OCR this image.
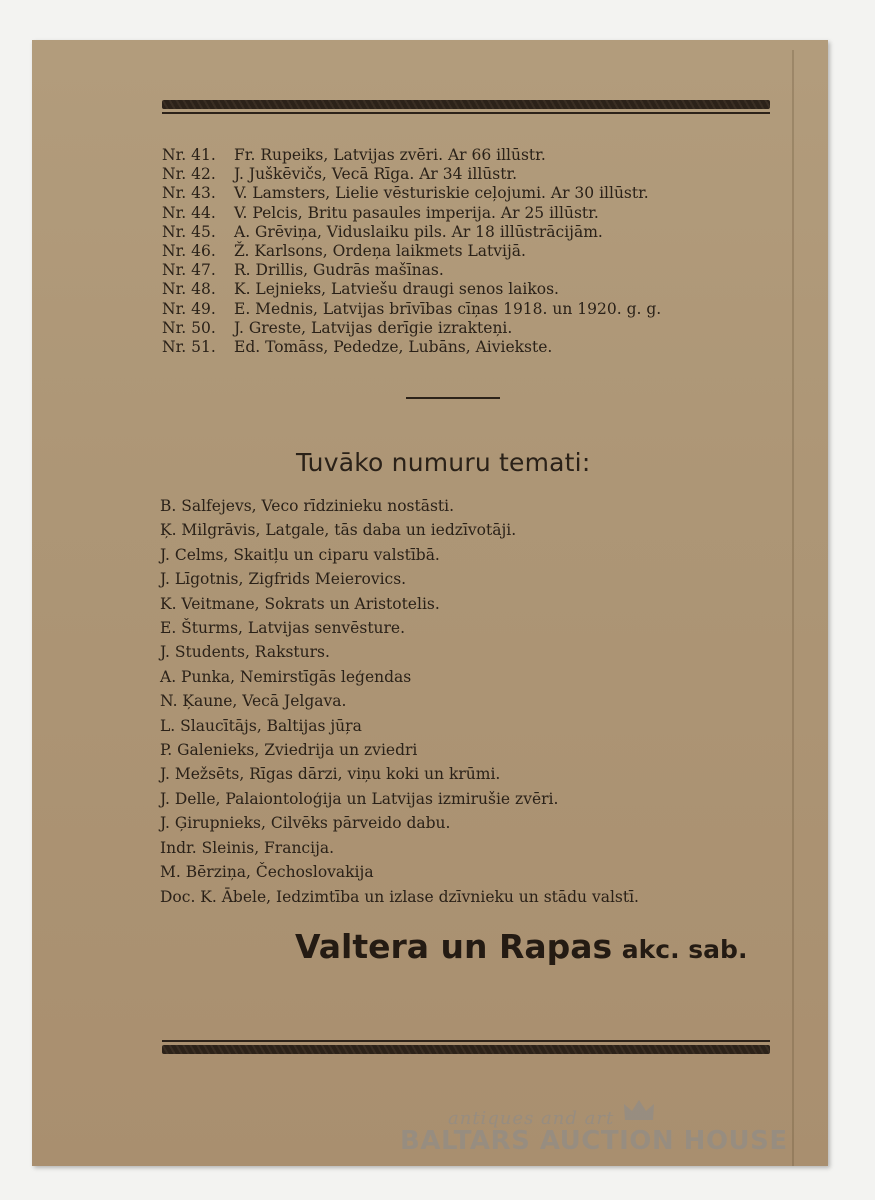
Nr. 41. Fr. Rupeiks, Latvijas zvēri. Ar 66 illūstr.
Nr. 42. J. Juškēvičs, Vecā Rīga. Ar 34 illūstr.
Nr. 43. V. Lamsters, Lielie vēsturiskie ceļojumi. Ar 30 illūstr.
Nr. 44. V. Pelcis, Britu pasaules imperija. Ar 25 illūstr.
Nr. 45. A. Grēviņa, Viduslaiku pils. Ar 18 illūstrācijām.
Nr. 46. Ž. Karlsons, Ordeņa laikmets Latvijā.
Nr. 47. R. Drillis, Gudrās mašīnas.
Nr. 48. K. Lejnieks, Latviešu draugi senos laikos.
Nr. 49. E. Mednis, Latvijas brīvības cīņas 1918. un 1920. g. g.
Nr. 50. J. Greste, Latvijas derīgie izrakteņi.
Nr. 51. Ed. Tomāss, Pededze, Lubāns, Aiviekste.
Tuvāko numuru temati:
B. Salfejevs, Veco rīdzinieku nostāsti.
Ķ. Milgrāvis, Latgale, tās daba un iedzīvotāji.
J. Celms, Skaitļu un ciparu valstībā.
J. Līgotnis, Zigfrids Meierovics.
K. Veitmane, Sokrats un Aristotelis.
E. Šturms, Latvijas senvēsture.
J. Students, Raksturs.
A. Punka, Nemirstīgās leģendas
N. Ķaune, Vecā Jelgava.
L. Slaucītājs, Baltijas jūŗa
P. Galenieks, Zviedrija un zviedri
J. Mežsēts, Rīgas dārzi, viņu koki un krūmi.
J. Delle, Palaiontoloģija un Latvijas izmirušie zvēri.
J. Ģirupnieks, Cilvēks pārveido dabu.
Indr. Sleinis, Francija.
M. Bērziņa, Čechoslovakija
Doc. K. Ābele, Iedzimtība un izlase dzīvnieku un stādu valstī.
Valtera un Rapas akc. sab.
antiques and art
BALTARS AUCTION HOUSE
